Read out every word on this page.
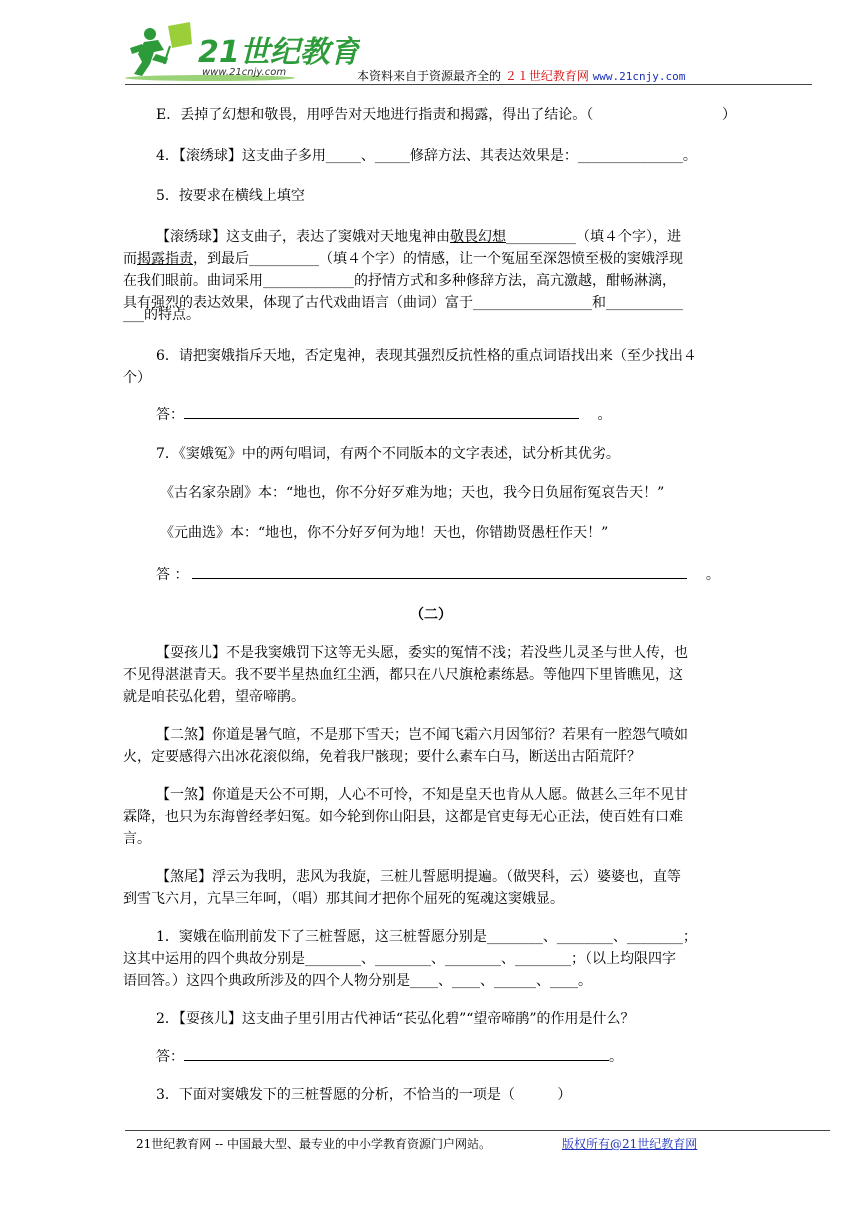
21世纪教育
www.21cnjy.com	本资料来自于资源最齐全的 ２１世纪教育网 www.21cnjy.com
E．丢掉了幻想和敬畏，用呼告对天地进行指责和揭露，得出了结论。（	）
4．【滚绣球】这支曲子多用_____、_____修辞方法、其表达效果是：_______________。
5．按要求在横线上填空
【滚绣球】这支曲子，表达了窦娥对天地鬼神由敬畏幻想__________（填４个字），进
而揭露指责，到最后__________（填４个字）的情感，让一个冤屈至深怨愤至极的窦娥浮现
在我们眼前。曲词采用_____________的抒情方式和多种修辞方法，高亢激越，酣畅淋漓，
具有强烈的表达效果，体现了古代戏曲语言（曲词）富于_________________和___________
___的特点。
6．请把窦娥指斥天地，否定鬼神，表现其强烈反抗性格的重点词语找出来（至少找出４
个）
答：	。
7．《窦娥冤》中的两句唱词，有两个不同版本的文字表述，试分析其优劣。
《古名家杂剧》本：“地也，你不分好歹难为地；天也，我今日负屈衔冤哀告天！”
《元曲选》本：“地也，你不分好歹何为地！天也，你错勘贤愚枉作天！”
答 ：	。
（二）
【耍孩儿】不是我窦娥罚下这等无头愿，委实的冤情不浅；若没些儿灵圣与世人传，也
不见得湛湛青天。我不要半星热血红尘洒，都只在八尺旗枪素练悬。等他四下里皆瞧见，这
就是咱苌弘化碧，望帝啼鹃。
【二煞】你道是暑气暄，不是那下雪天；岂不闻飞霜六月因邹衍？若果有一腔怨气喷如
火，定要感得六出冰花滚似绵，免着我尸骸现；要什么素车白马，断送出古陌荒阡？
【一煞】你道是天公不可期，人心不可怜，不知是皇天也肯从人愿。做甚么三年不见甘
霖降，也只为东海曾经孝妇冤。如今轮到你山阳县，这都是官吏每无心正法，使百姓有口难
言。
【煞尾】浮云为我明，悲风为我旋，三桩儿誓愿明提遍。（做哭科，云）婆婆也，直等
到雪飞六月，亢旱三年呵，（唱）那其间才把你个屈死的冤魂这窦娥显。
1．窦娥在临刑前发下了三桩誓愿，这三桩誓愿分别是________、________、________；
这其中运用的四个典故分别是________、________、________、________；（以上均限四字
语回答。）这四个典政所涉及的四个人物分别是____、____、______、____。
2．【耍孩儿】这支曲子里引用古代神话“苌弘化碧”“望帝啼鹃”的作用是什么？
答：	。
3．下面对窦娥发下的三桩誓愿的分析，不恰当的一项是（	）
21世纪教育网 -- 中国最大型、最专业的中小学教育资源门户网站。	版权所有@21世纪教育网
